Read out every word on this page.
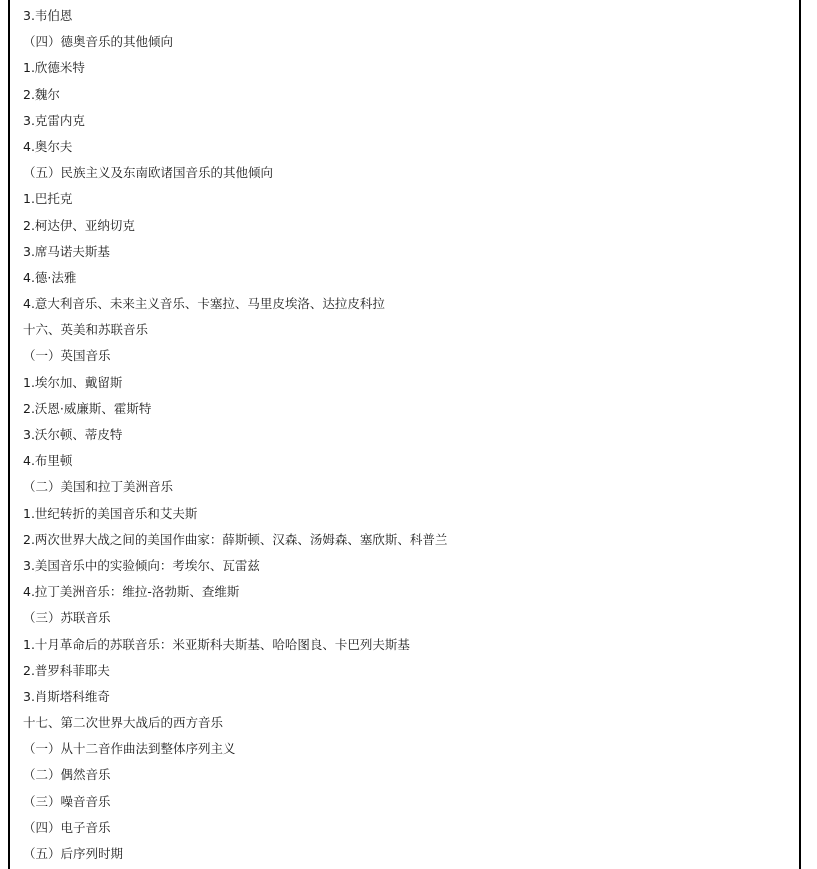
3.韦伯恩
（四）德奥音乐的其他倾向
1.欣德米特
2.魏尔
3.克雷内克
4.奥尔夫
（五）民族主义及东南欧诸国音乐的其他倾向
1.巴托克
2.柯达伊、亚纳切克
3.席马诺夫斯基
4.德·法雅
4.意大利音乐、未来主义音乐、卡塞拉、马里皮埃洛、达拉皮科拉
十六、英美和苏联音乐
（一）英国音乐
1.埃尔加、戴留斯
2.沃恩·威廉斯、霍斯特
3.沃尔顿、蒂皮特
4.布里顿
（二）美国和拉丁美洲音乐
1.世纪转折的美国音乐和艾夫斯
2.两次世界大战之间的美国作曲家：薛斯顿、汉森、汤姆森、塞欣斯、科普兰
3.美国音乐中的实验倾向：考埃尔、瓦雷兹
4.拉丁美洲音乐：维拉-洛勃斯、查维斯
（三）苏联音乐
1.十月革命后的苏联音乐：米亚斯科夫斯基、哈哈图良、卡巴列夫斯基
2.普罗科菲耶夫
3.肖斯塔科维奇
十七、第二次世界大战后的西方音乐
（一）从十二音作曲法到整体序列主义
（二）偶然音乐
（三）噪音音乐
（四）电子音乐
（五）后序列时期
